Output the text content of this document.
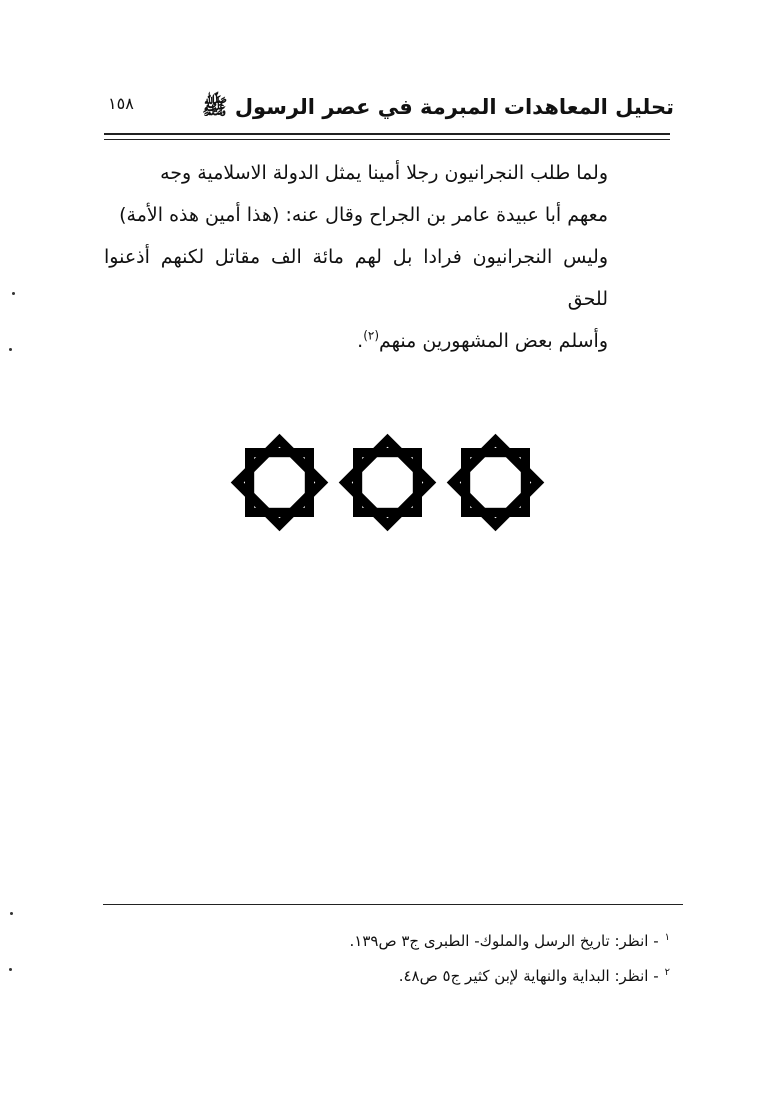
تحليل المعاهدات المبرمة في عصر الرسول ﷺ
١٥٨
ولما طلب النجرانيون رجلا أمينا يمثل الدولة الاسلامية وجه
معهم أبا عبيدة عامر بن الجراح وقال عنه: (هذا أمين هذه الأمة)
وليس النجرانيون فرادا بل لهم مائة الف مقاتل لكنهم أذعنوا للحق
وأسلم بعض المشهورين منهم$^{(٢)}$.
$^١$- انظر: تاريخ الرسل والملوك- الطبرى ج٣ ص١٣٩.
$^٢$- انظر: البداية والنهاية لإبن كثير ج٥ ص٤٨.
